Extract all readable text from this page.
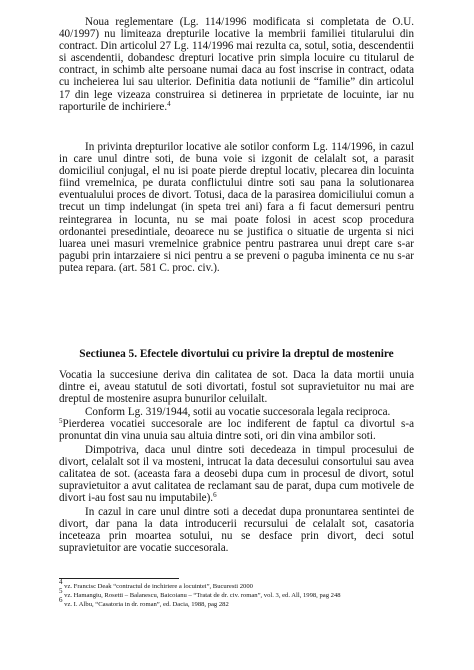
Noua reglementare (Lg. 114/1996 modificata si completata de O.U. 40/1997) nu limiteaza drepturile locative la membrii familiei titularului din contract. Din articolul 27 Lg. 114/1996 mai rezulta ca, sotul, sotia, descendentii si ascendentii, dobandesc drepturi locative prin simpla locuire cu titularul de contract, in schimb alte persoane numai daca au fost inscrise in contract, odata cu incheierea lui sau ulterior. Definitia data notiunii de “familie” din articolul 17 din lege vizeaza construirea si detinerea in prprietate de locuinte, iar nu raporturile de inchiriere.$^4$

In privinta drepturilor locative ale sotilor conform Lg. 114/1996, in cazul in care unul dintre soti, de buna voie si izgonit de celalalt sot, a parasit domiciliul conjugal, el nu isi poate pierde dreptul locativ, plecarea din locuinta fiind vremelnica, pe durata conflictului dintre soti sau pana la solutionarea eventualului proces de divort. Totusi, daca de la parasirea domiciliului comun a trecut un timp indelungat (in speta trei ani) fara a fi facut demersuri pentru reintegrarea in locunta, nu se mai poate folosi in acest scop procedura ordonantei presedintiale, deoarece nu se justifica o situatie de urgenta si nici luarea unei masuri vremelnice grabnice pentru pastrarea unui drept care s-ar pagubi prin intarzaiere si nici pentru a se preveni o paguba iminenta ce nu s-ar putea repara. (art. 581 C. proc. civ.).

Sectiunea 5. Efectele divortului cu privire la dreptul de mostenire

Vocatia la succesiune deriva din calitatea de sot. Daca la data mortii unuia dintre ei, aveau statutul de soti divortati, fostul sot supravietuitor nu mai are dreptul de mostenire asupra bunurilor celuilalt.

Conform Lg. 319/1944, sotii au vocatie succesorala legala reciproca.
$^5$Pierderea vocatiei succesorale are loc indiferent de faptul ca divortul s-a pronuntat din vina unuia sau altuia dintre soti, ori din vina ambilor soti.

Dimpotriva, daca unul dintre soti decedeaza in timpul procesului de divort, celalalt sot il va mosteni, intrucat la data decesului consortului sau avea calitatea de sot. (aceasta fara a deosebi dupa cum in procesul de divort, sotul supravietuitor a avut calitatea de reclamant sau de parat, dupa cum motivele de divort i-au fost sau nu imputabile).$^6$

In cazul in care unul dintre soti a decedat dupa pronuntarea sentintei de divort, dar pana la data introducerii recursului de celalalt sot, casatoria inceteaza prin moartea sotului, nu se desface prin divort, deci sotul supravietuitor are vocatie succesorala.

$^4$ vz. Francisc Deak “contractul de inchiriere a locuintei”, Bucuresti 2000

$^5$ vz. Hamangiu, Rosetti – Balanescu, Baicoianu – “Tratat de dr. civ. roman”, vol. 3, ed. All, 1998, pag 248

$^6$ vz. I. Albu, “Casatoria in dr. roman”, ed. Dacia, 1988, pag 282
